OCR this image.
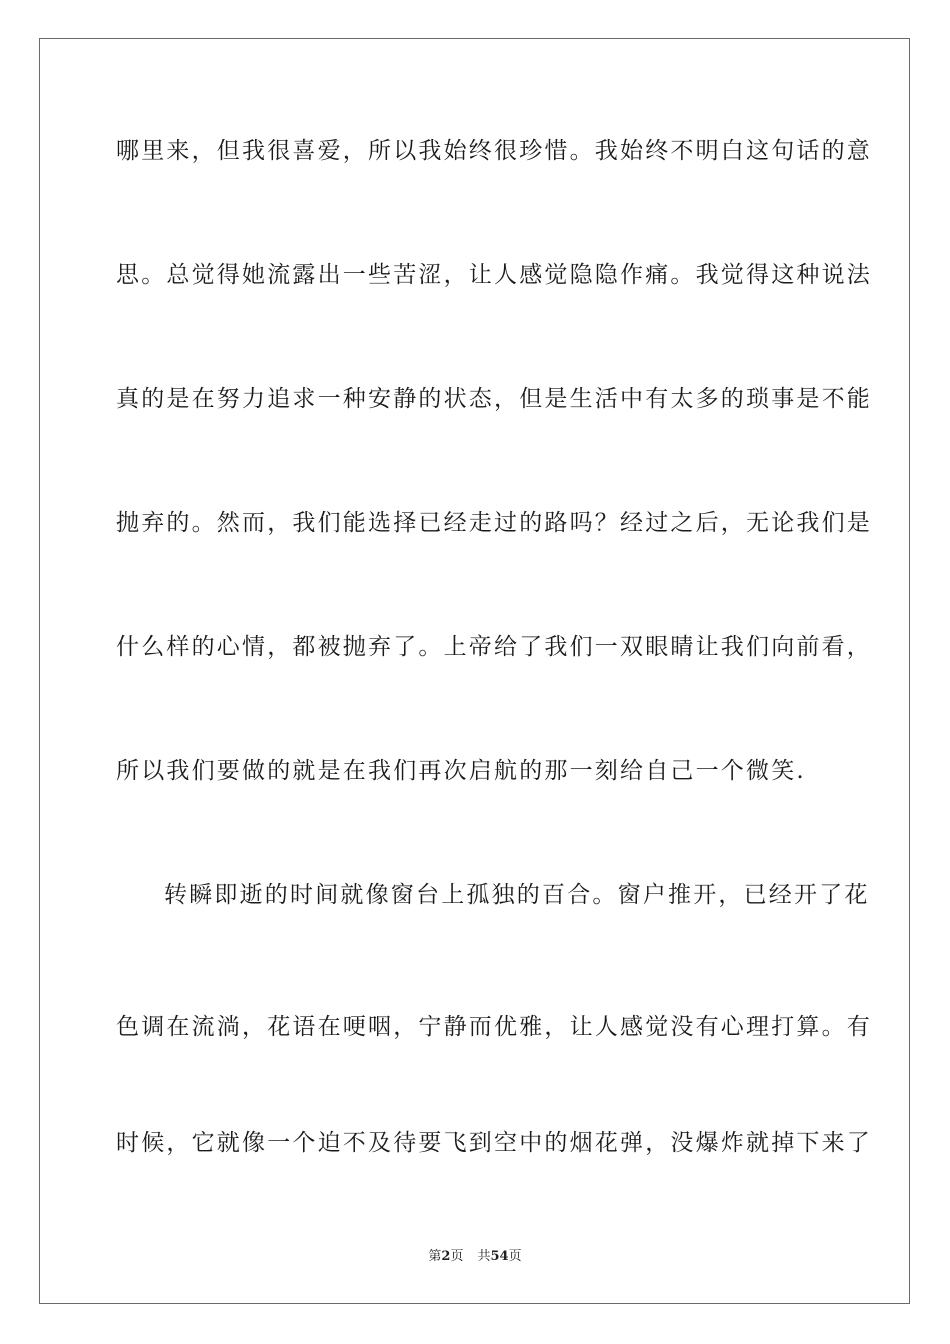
哪里来，但我很喜爱，所以我始终很珍惜。我始终不明白这句话的意
思。总觉得她流露出一些苦涩，让人感觉隐隐作痛。我觉得这种说法
真的是在努力追求一种安静的状态，但是生活中有太多的琐事是不能
抛弃的。然而，我们能选择已经走过的路吗？经过之后，无论我们是
什么样的心情，都被抛弃了。上帝给了我们一双眼睛让我们向前看，
所以我们要做的就是在我们再次启航的那一刻给自己一个微笑.
转瞬即逝的时间就像窗台上孤独的百合。窗户推开，已经开了花
色调在流淌，花语在哽咽，宁静而优雅，让人感觉没有心理打算。有
时候，它就像一个迫不及待要飞到空中的烟花弹，没爆炸就掉下来了
第2页 共54页
